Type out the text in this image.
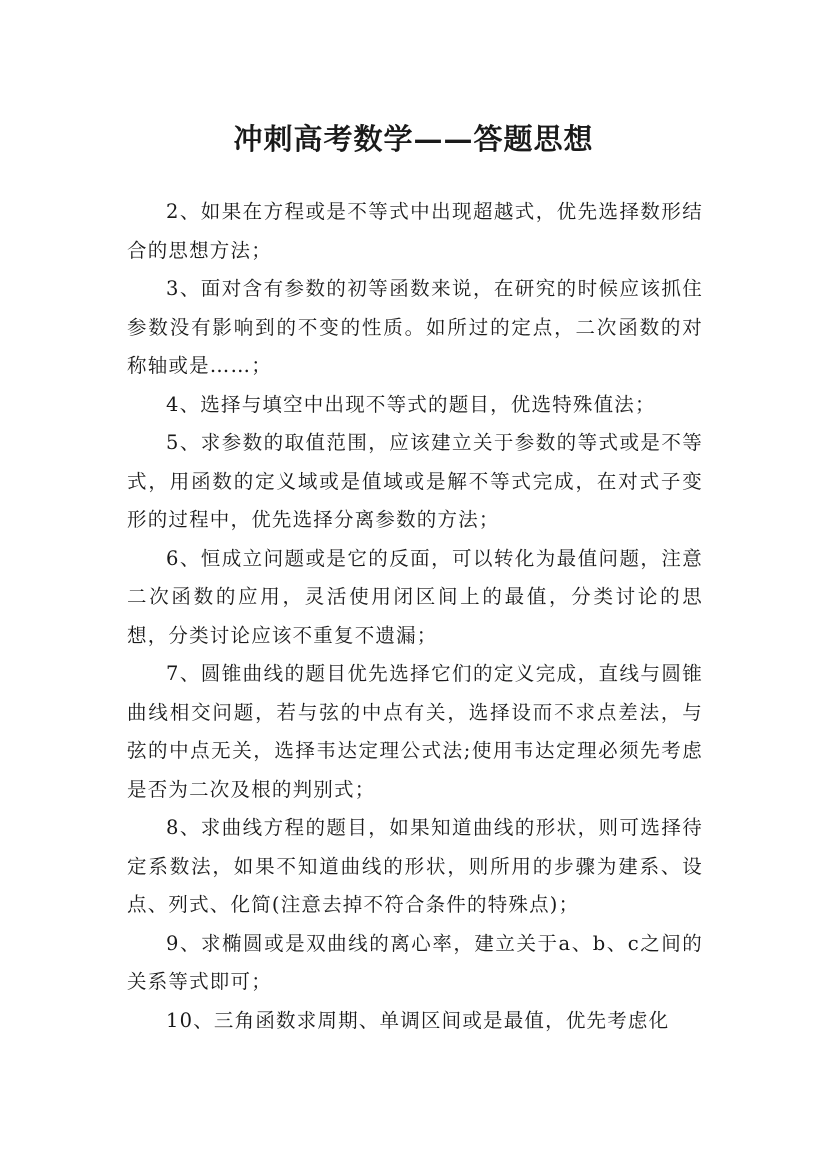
冲刺高考数学——答题思想

2、如果在方程或是不等式中出现超越式，优先选择数形结合的思想方法；

3、面对含有参数的初等函数来说，在研究的时候应该抓住参数没有影响到的不变的性质。如所过的定点，二次函数的对称轴或是……；

4、选择与填空中出现不等式的题目，优选特殊值法；

5、求参数的取值范围，应该建立关于参数的等式或是不等式，用函数的定义域或是值域或是解不等式完成，在对式子变形的过程中，优先选择分离参数的方法；

6、恒成立问题或是它的反面，可以转化为最值问题，注意二次函数的应用，灵活使用闭区间上的最值，分类讨论的思想，分类讨论应该不重复不遗漏；

7、圆锥曲线的题目优先选择它们的定义完成，直线与圆锥曲线相交问题，若与弦的中点有关，选择设而不求点差法，与弦的中点无关，选择韦达定理公式法;使用韦达定理必须先考虑是否为二次及根的判别式；

8、求曲线方程的题目，如果知道曲线的形状，则可选择待定系数法，如果不知道曲线的形状，则所用的步骤为建系、设点、列式、化简(注意去掉不符合条件的特殊点)；

9、求椭圆或是双曲线的离心率，建立关于a、b、c之间的关系等式即可；

10、三角函数求周期、单调区间或是最值，优先考虑化
